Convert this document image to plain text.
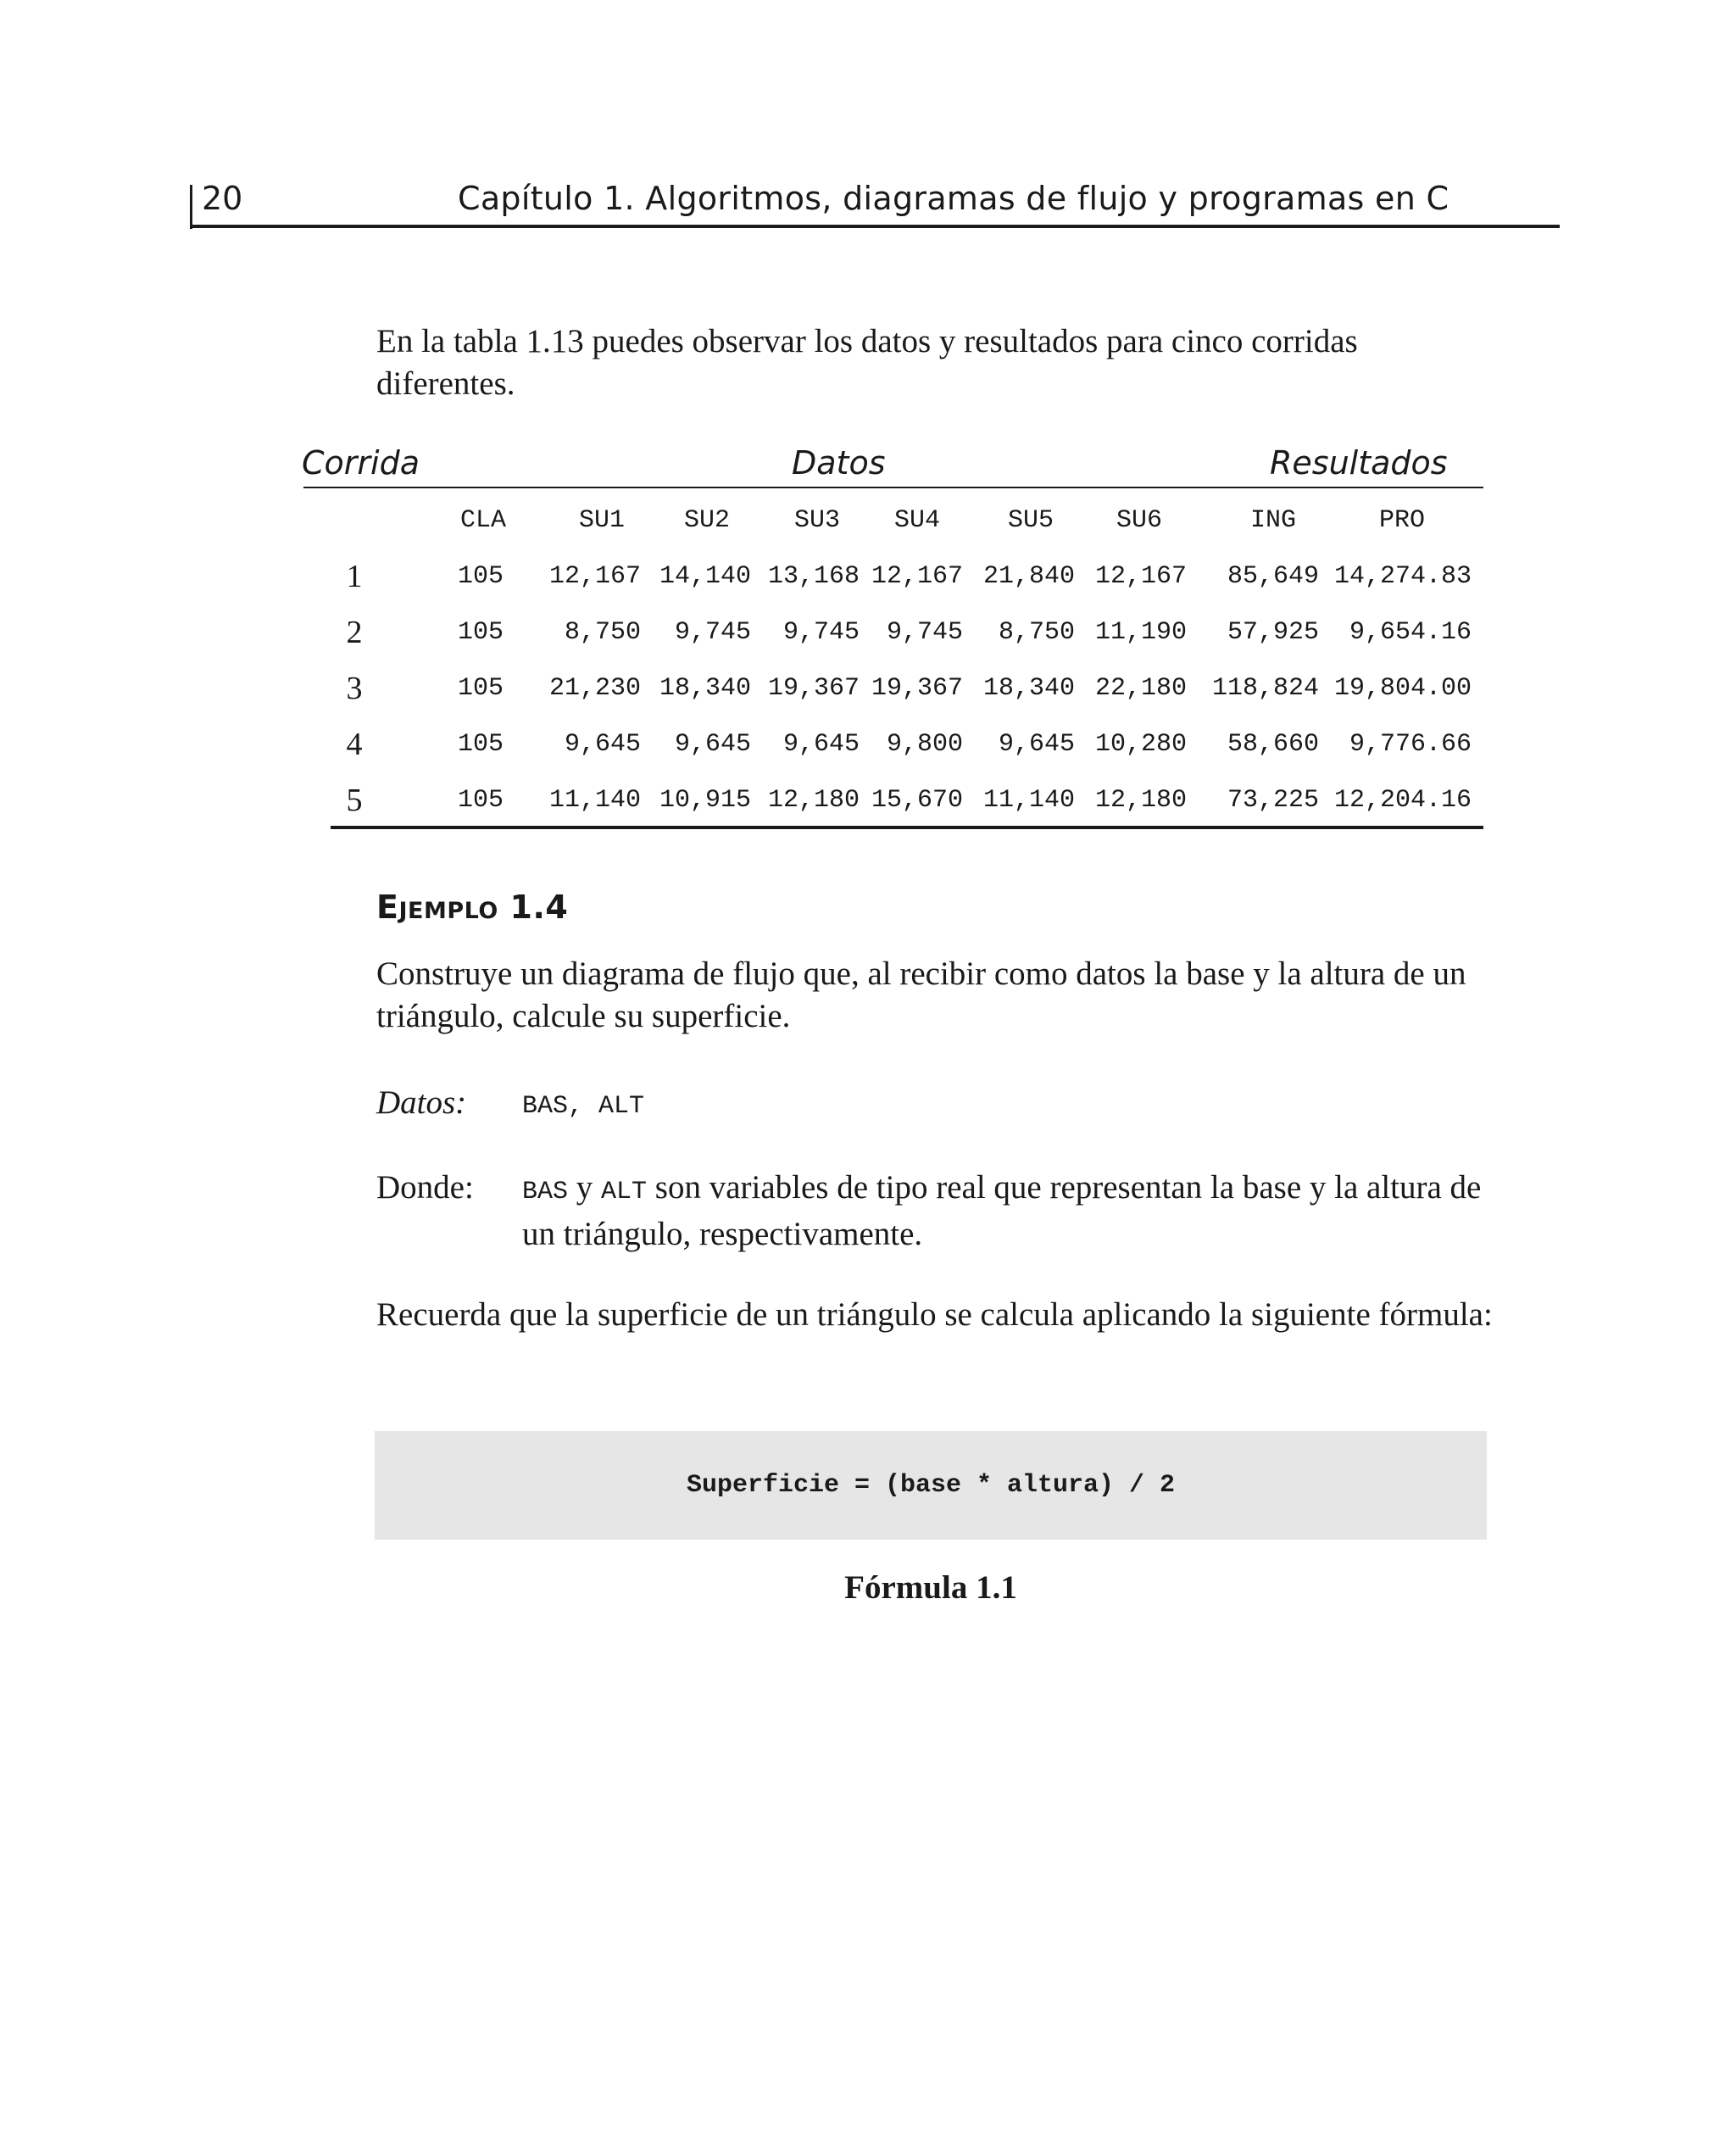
20	Capítulo 1. Algoritmos, diagramas de flujo y programas en C

En la tabla 1.13 puedes observar los datos y resultados para cinco corridas diferentes.

Corrida	Datos	Resultados
CLA	SU1	SU2	SU3	SU4	SU5	SU6	ING	PRO
1	105	12,167 14,140 13,168 12,167 21,840 12,167	85,649 14,274.83
2	105	8,750	9,745	9,745	9,745	8,750 11,190	57,925	9,654.16
3	105	21,230 18,340 19,367 19,367 18,340 22,180 118,824 19,804.00
4	105	9,645	9,645	9,645	9,800	9,645 10,280	58,660	9,776.66
5	105	11,140 10,915 12,180 15,670 11,140 12,180	73,225 12,204.16
Ejemplo 1.4

Construye un diagrama de flujo que, al recibir como datos la base y la altura de un triángulo, calcule su superficie.

Datos: BAS, ALT
Donde: BAS y ALT son variables de tipo real que representan la base y la altura de un triángulo, respectivamente.

Recuerda que la superficie de un triángulo se calcula aplicando la siguiente fórmula:

Superficie = (base * altura) / 2
Fórmula 1.1
